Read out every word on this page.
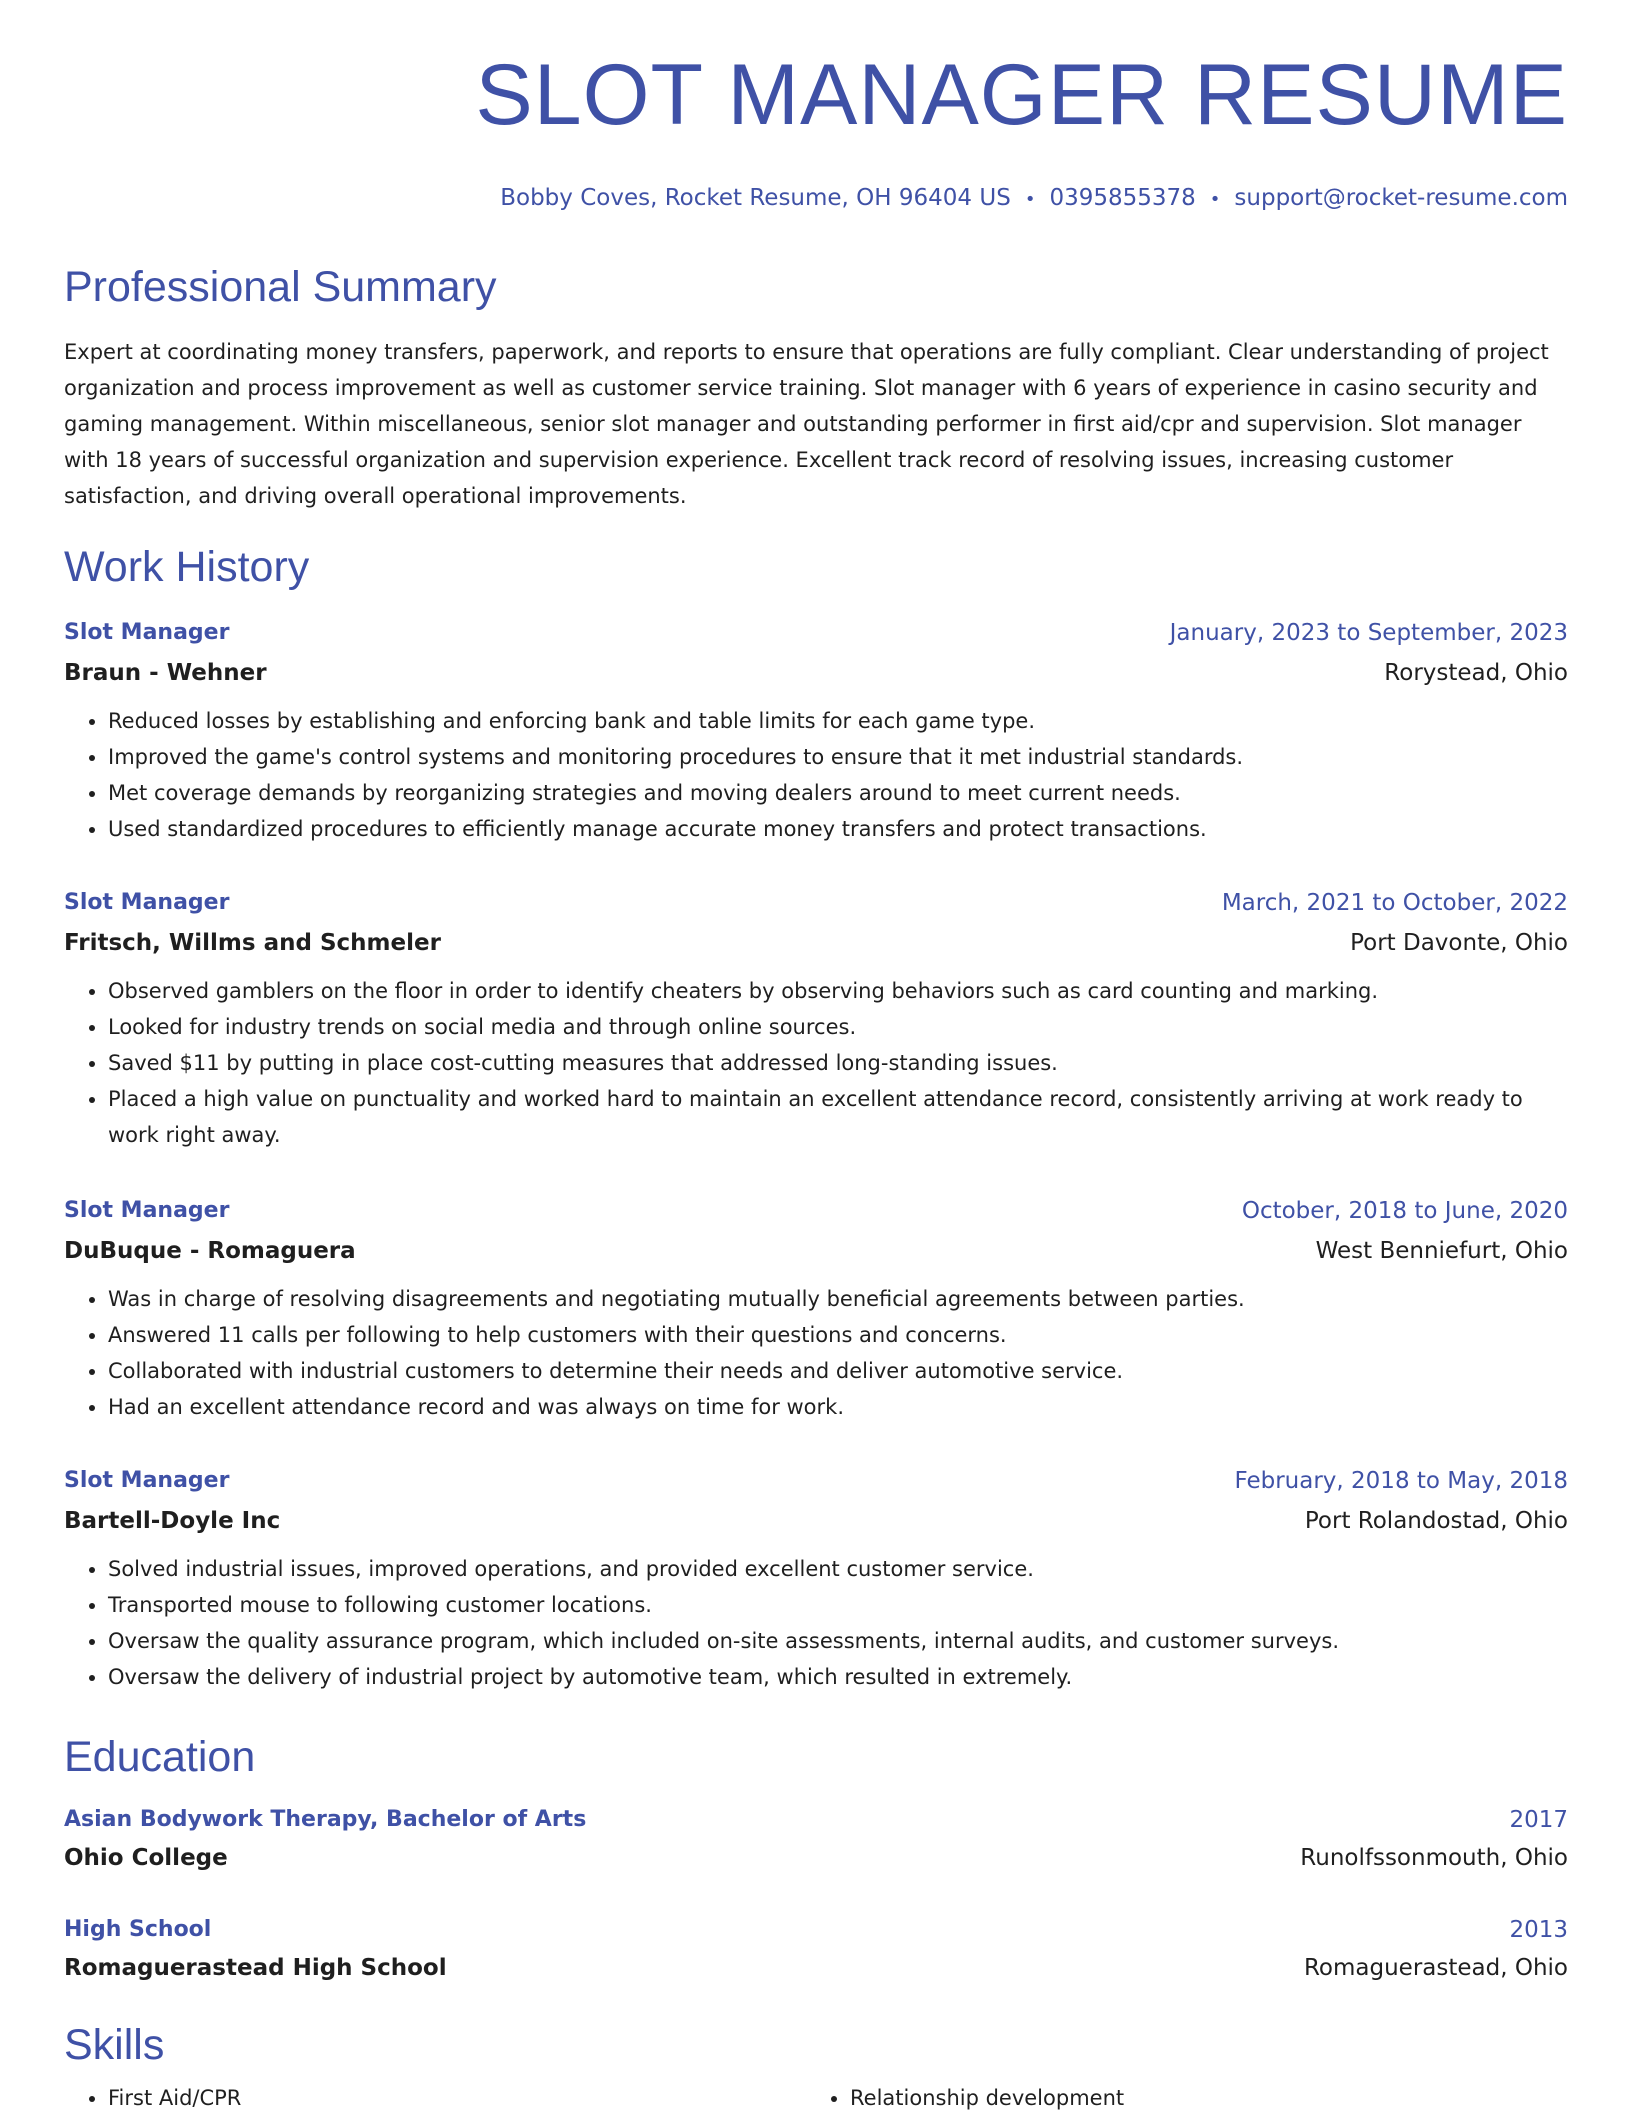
SLOT MANAGER RESUME
Bobby Coves, Rocket Resume, OH 96404 US • 0395855378 • support@rocket-resume.com
Professional Summary

Expert at coordinating money transfers, paperwork, and reports to ensure that operations are fully compliant. Clear understanding of project organization and process improvement as well as customer service training. Slot manager with 6 years of experience in casino security and gaming management. Within miscellaneous, senior slot manager and outstanding performer in first aid/cpr and supervision. Slot manager with 18 years of successful organization and supervision experience. Excellent track record of resolving issues, increasing customer satisfaction, and driving overall operational improvements.

Work History
Slot Manager	January, 2023 to September, 2023
Braun - Wehner	Rorystead, Ohio
• Reduced losses by establishing and enforcing bank and table limits for each game type.
• Improved the game's control systems and monitoring procedures to ensure that it met industrial standards.
• Met coverage demands by reorganizing strategies and moving dealers around to meet current needs.
• Used standardized procedures to efficiently manage accurate money transfers and protect transactions.
Slot Manager	March, 2021 to October, 2022
Fritsch, Willms and Schmeler	Port Davonte, Ohio
• Observed gamblers on the floor in order to identify cheaters by observing behaviors such as card counting and marking.
• Looked for industry trends on social media and through online sources.
• Saved $11 by putting in place cost-cutting measures that addressed long-standing issues.
• Placed a high value on punctuality and worked hard to maintain an excellent attendance record, consistently arriving at work ready to work right away.
Slot Manager	October, 2018 to June, 2020
DuBuque - Romaguera	West Benniefurt, Ohio
• Was in charge of resolving disagreements and negotiating mutually beneficial agreements between parties.
• Answered 11 calls per following to help customers with their questions and concerns.
• Collaborated with industrial customers to determine their needs and deliver automotive service.
• Had an excellent attendance record and was always on time for work.
Slot Manager	February, 2018 to May, 2018
Bartell-Doyle Inc	Port Rolandostad, Ohio
• Solved industrial issues, improved operations, and provided excellent customer service.
• Transported mouse to following customer locations.
• Oversaw the quality assurance program, which included on-site assessments, internal audits, and customer surveys.
• Oversaw the delivery of industrial project by automotive team, which resulted in extremely.
Education
Asian Bodywork Therapy, Bachelor of Arts	2017
Ohio College	Runolfssonmouth, Ohio
High School	2013
Romaguerastead High School	Romaguerastead, Ohio
Skills
• First Aid/CPR
•	Relationship development
